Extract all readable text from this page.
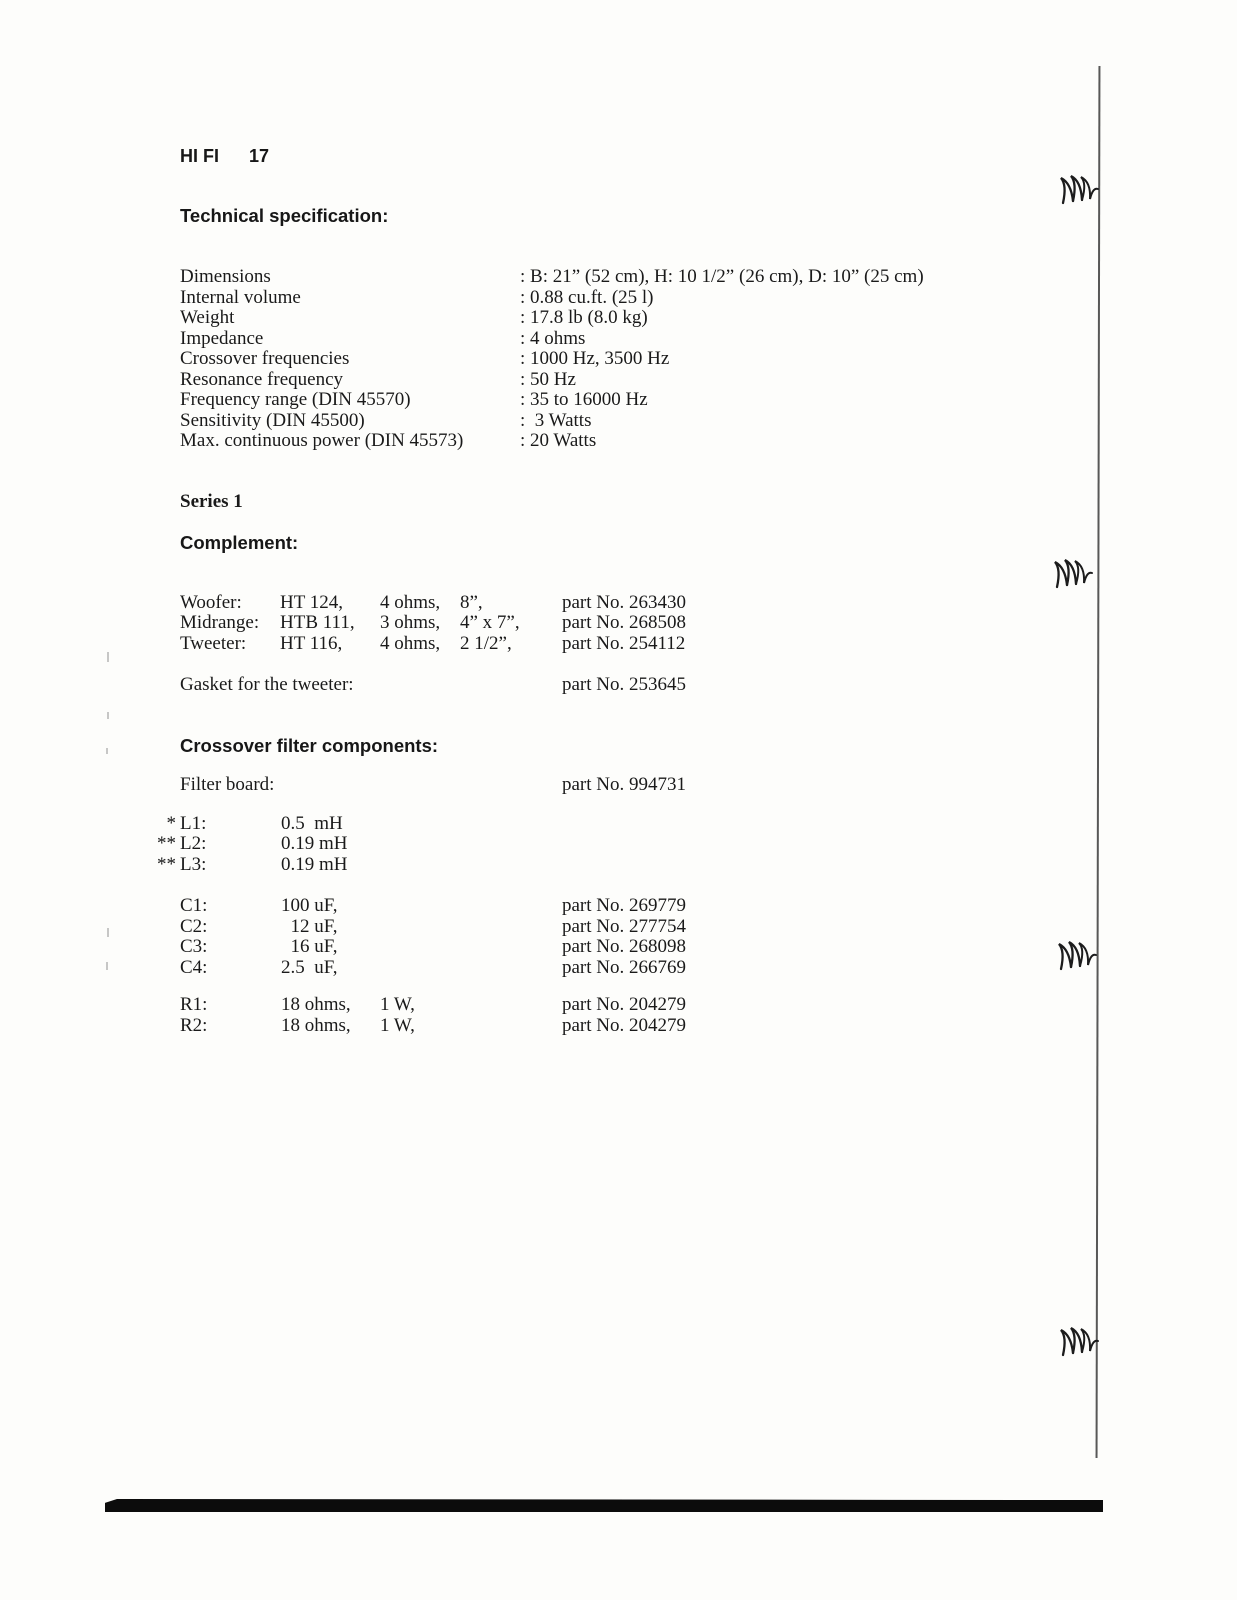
HI FI 17
Technical specification:
Dimensions	: B: 21” (52 cm), H: 10 1/2” (26 cm), D: 10” (25 cm)
Internal volume	: 0.88 cu.ft. (25 l)
Weight	: 17.8 lb (8.0 kg)
Impedance	: 4 ohms
Crossover frequencies	: 1000 Hz, 3500 Hz
Resonance frequency	: 50 Hz
Frequency range (DIN 45570)	: 35 to 16000 Hz
Sensitivity (DIN 45500)	:  3 Watts
Max. continuous power (DIN 45573)	: 20 Watts
Series 1
Complement:
Woofer: HT 124, 4 ohms, 8”,	part No. 263430
Midrange: HTB 111, 3 ohms, 4” x 7”, part No. 268508
Tweeter: HT 116, 4 ohms, 2 1/2”,	part No. 254112
Gasket for the tweeter:	part No. 253645
Crossover filter components:
Filter board:	part No. 994731
* L1:	0.5  mH
** L2:	0.19 mH
** L3:	0.19 mH
C1:	100 uF,	part No. 269779
C2:	12 uF,	part No. 277754
C3:	16 uF,	part No. 268098
C4:	2.5  uF,	part No. 266769
R1:	18 ohms, 1 W,	part No. 204279
R2:	18 ohms, 1 W,	part No. 204279
